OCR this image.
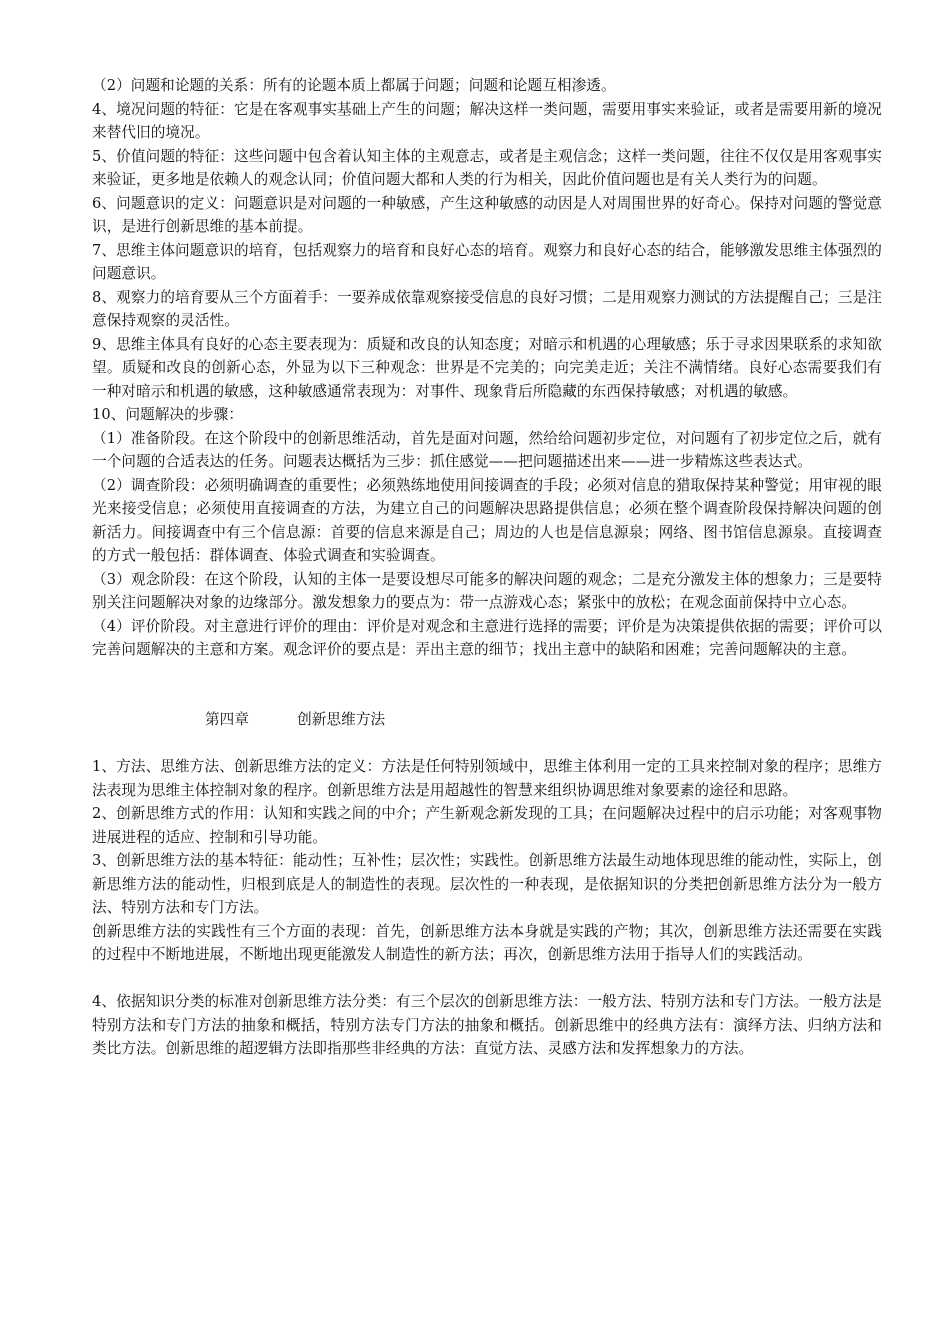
（2）问题和论题的关系：所有的论题本质上都属于问题；问题和论题互相渗透。

4、境况问题的特征：它是在客观事实基础上产生的问题；解决这样一类问题，需要用事实来验证，或者是需要用新的境况来替代旧的境况。

5、价值问题的特征：这些问题中包含着认知主体的主观意志，或者是主观信念；这样一类问题，往往不仅仅是用客观事实来验证，更多地是依赖人的观念认同；价值问题大都和人类的行为相关，因此价值问题也是有关人类行为的问题。

6、问题意识的定义：问题意识是对问题的一种敏感，产生这种敏感的动因是人对周围世界的好奇心。保持对问题的警觉意识，是进行创新思维的基本前提。

7、思维主体问题意识的培育，包括观察力的培育和良好心态的培育。观察力和良好心态的结合，能够激发思维主体强烈的问题意识。

8、观察力的培育要从三个方面着手：一要养成依靠观察接受信息的良好习惯；二是用观察力测试的方法提醒自己；三是注意保持观察的灵活性。

9、思维主体具有良好的心态主要表现为：质疑和改良的认知态度；对暗示和机遇的心理敏感；乐于寻求因果联系的求知欲望。质疑和改良的创新心态，外显为以下三种观念：世界是不完美的；向完美走近；关注不满情绪。良好心态需要我们有一种对暗示和机遇的敏感，这种敏感通常表现为：对事件、现象背后所隐藏的东西保持敏感；对机遇的敏感。

10、问题解决的步骤：

（1）准备阶段。在这个阶段中的创新思维活动，首先是面对问题，然给给问题初步定位，对问题有了初步定位之后，就有一个问题的合适表达的任务。问题表达概括为三步：抓住感觉——把问题描述出来——进一步精炼这些表达式。

（2）调查阶段：必须明确调查的重要性；必须熟练地使用间接调查的手段；必须对信息的猎取保持某种警觉；用审视的眼光来接受信息；必须使用直接调查的方法，为建立自己的问题解决思路提供信息；必须在整个调查阶段保持解决问题的创新活力。间接调查中有三个信息源：首要的信息来源是自己；周边的人也是信息源泉；网络、图书馆信息源泉。直接调查的方式一般包括：群体调查、体验式调查和实验调查。

（3）观念阶段：在这个阶段，认知的主体一是要设想尽可能多的解决问题的观念；二是充分激发主体的想象力；三是要特别关注问题解决对象的边缘部分。激发想象力的要点为：带一点游戏心态；紧张中的放松；在观念面前保持中立心态。

（4）评价阶段。对主意进行评价的理由：评价是对观念和主意进行选择的需要；评价是为决策提供依据的需要；评价可以完善问题解决的主意和方案。观念评价的要点是：弄出主意的细节；找出主意中的缺陷和困难；完善问题解决的主意。

第四章	创新思维方法

1、方法、思维方法、创新思维方法的定义：方法是任何特别领域中，思维主体利用一定的工具来控制对象的程序；思维方法表现为思维主体控制对象的程序。创新思维方法是用超越性的智慧来组织协调思维对象要素的途径和思路。

2、创新思维方式的作用：认知和实践之间的中介；产生新观念新发现的工具；在问题解决过程中的启示功能；对客观事物进展进程的适应、控制和引导功能。

3、创新思维方法的基本特征：能动性；互补性；层次性；实践性。创新思维方法最生动地体现思维的能动性，实际上，创新思维方法的能动性，归根到底是人的制造性的表现。层次性的一种表现，是依据知识的分类把创新思维方法分为一般方法、特别方法和专门方法。

创新思维方法的实践性有三个方面的表现：首先，创新思维方法本身就是实践的产物；其次，创新思维方法还需要在实践的过程中不断地进展，不断地出现更能激发人制造性的新方法；再次，创新思维方法用于指导人们的实践活动。

4、依据知识分类的标准对创新思维方法分类：有三个层次的创新思维方法：一般方法、特别方法和专门方法。一般方法是特别方法和专门方法的抽象和概括，特别方法专门方法的抽象和概括。创新思维中的经典方法有：演绎方法、归纳方法和类比方法。创新思维的超逻辑方法即指那些非经典的方法：直觉方法、灵感方法和发挥想象力的方法。
